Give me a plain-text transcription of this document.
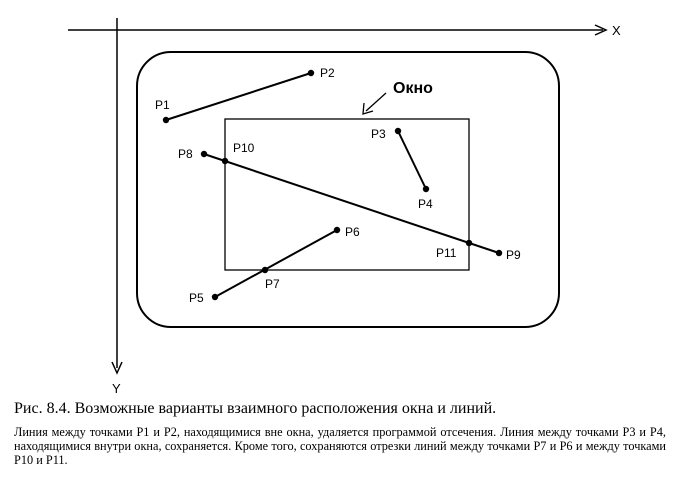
X
Y
Окно
P1
P2
P3
P4
P5
P6
P7
P8
P9
P10
P11

Рис. 8.4. Возможные варианты взаимного расположения окна и линий.

Линия между точками P1 и P2, находящимися вне окна, удаляется программой отсечения. Линия между точками P3 и P4, находящимися внутри окна, сохраняется. Кроме того, сохраняются отрезки линий между точками P7 и P6 и между точками P10 и P11.
